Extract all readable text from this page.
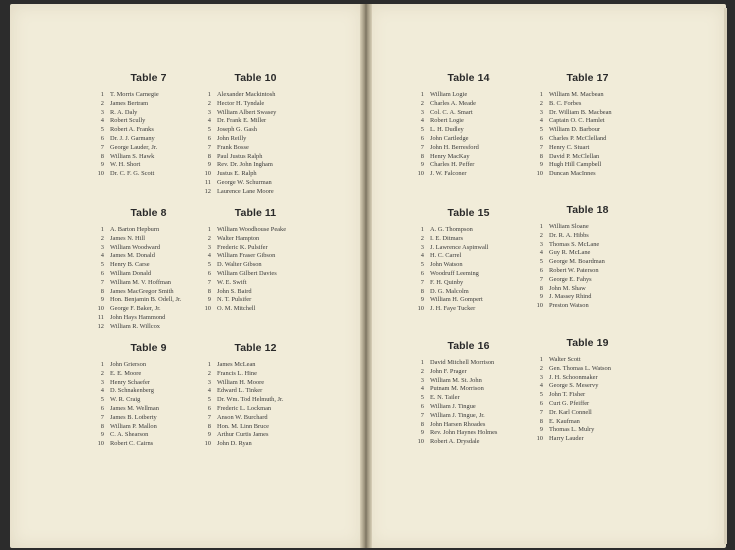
Table 7
1 T. Morris Carnegie
2 James Bertram
3 R. A. Daly
4 Robert Scully
5 Robert A. Franks
6 Dr. J. J. Garmany
7 George Lauder, Jr.
8 William S. Hawk
9 W. H. Short
10 Dr. C. F. G. Scott
Table 10
1 Alexander Mackintosh
2 Hector H. Tyndale
3 William Albert Swasey
4 Dr. Frank E. Miller
5 Joseph G. Gash
6 John Reilly
7 Frank Bosse
8 Paul Justus Ralph
9 Rev. Dr. John Ingham
10 Justus E. Ralph
11 George W. Schurman
12 Laurence Lane Moore
Table 8
1 A. Barton Hepburn
2 James N. Hill
3 William Woodward
4 James M. Donald
5 Henry B. Carse
6 William Donald
7 William M. V. Hoffman
8 James MacGregor Smith
9 Hon. Benjamin B. Odell, Jr.
10 George F. Baker, Jr.
11 John Hays Hammond
12 William R. Willcox
Table 11
1 William Woodhouse Peake
2 Walter Hampton
3 Frederic K. Pulsifer
4 William Fraser Gibson
5 D. Walter Gibson
6 William Gilbert Davies
7 W. E. Swift
8 John S. Baird
9 N. T. Pulsifer
10 O. M. Mitchell
Table 9
1 John Grierson
2 E. E. Moore
3 Henry Schaefer
4 D. Schnakenberg
5 W. R. Craig
6 James M. Wellman
7 James B. Lotberty
8 William P. Mallon
9 C. A. Shearson
10 Robert C. Cairns
Table 12
1 James McLean
2 Francis L. Hine
3 William H. Moore
4 Edward L. Tinker
5 Dr. Wm. Tod Helmuth, Jr.
6 Frederic L. Lockman
7 Anson W. Burchard
8 Hon. M. Linn Bruce
9 Arthur Curtis James
10 John D. Ryan
Table 14
1 William Logie
2 Charles A. Meade
3 Col. C. A. Smart
4 Robert Logie
5 L. H. Dudley
6 John Cartledge
7 John H. Berresford
8 Henry MacKay
9 Charles H. Peffer
10 J. W. Falconer
Table 17
1 William M. Macbean
2 B. C. Forbes
3 Dr. William B. Macbean
4 Captain O. C. Hamlet
5 William D. Barbour
6 Charles P. McClelland
7 Henry C. Stuart
8 David P. McClellan
9 Hugh Hill Campbell
10 Duncan MacInnes
Table 15
1 A. G. Thompson
2 I. E. Ditmars
3 J. Lawrence Aspinwall
4 H. C. Carrel
5 John Watson
6 Woodruff Leeming
7 F. H. Quinby
8 D. G. Malcolm
9 William H. Gompert
10 J. H. Faye Tucker
Table 18
1 William Sloane
2 Dr. R. A. Hibbs
3 Thomas S. McLane
4 Guy R. McLane
5 George M. Boardman
6 Robert W. Paterson
7 George E. Fahys
8 John M. Shaw
9 J. Massey Rhind
10 Preston Watson
Table 16
1 David Mitchell Morrison
2 John F. Prager
3 William M. St. John
4 Putnam M. Morrison
5 E. N. Tailer
6 William J. Tingue
7 William J. Tingue, Jr.
8 John Harsen Rhoades
9 Rev. John Haynes Holmes
10 Robert A. Drysdale
Table 19
1 Walter Scott
2 Gen. Thomas L. Watson
3 J. H. Schoonmaker
4 George S. Meservy
5 John T. Fisher
6 Curt G. Pfeiffer
7 Dr. Karl Connell
8 E. Kaufman
9 Thomas L. Mulry
10 Harry Lauder
